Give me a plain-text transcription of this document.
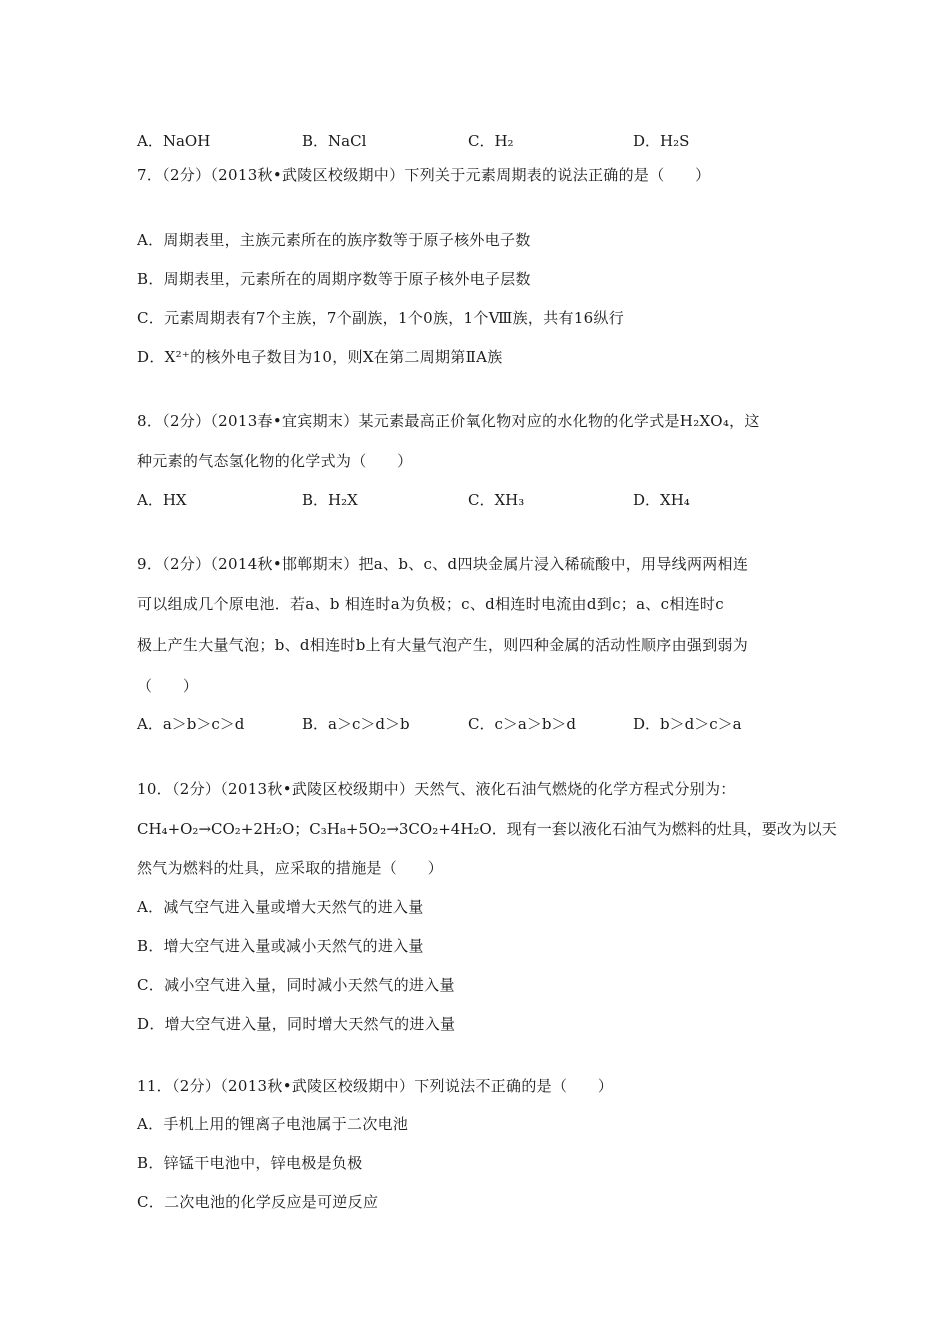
A．NaOH	B．NaCl	C．H₂	D．H₂S
7．（2分）（2013秋•武陵区校级期中）下列关于元素周期表的说法正确的是（　　）
A．周期表里，主族元素所在的族序数等于原子核外电子数
B．周期表里，元素所在的周期序数等于原子核外电子层数
C．元素周期表有7个主族，7个副族，1个0族，1个Ⅷ族，共有16纵行
D．X²⁺的核外电子数目为10，则X在第二周期第ⅡA族
8．（2分）（2013春•宜宾期末）某元素最高正价氧化物对应的水化物的化学式是H₂XO₄，这
种元素的气态氢化物的化学式为（　　）
A．HX	B．H₂X	C．XH₃	D．XH₄
9．（2分）（2014秋•邯郸期末）把a、b、c、d四块金属片浸入稀硫酸中，用导线两两相连
可以组成几个原电池．若a、b 相连时a为负极；c、d相连时电流由d到c；a、c相连时c
极上产生大量气泡；b、d相连时b上有大量气泡产生，则四种金属的活动性顺序由强到弱为
（　　）
A．a＞b＞c＞d	B．a＞c＞d＞b	C．c＞a＞b＞d	D．b＞d＞c＞a
10．（2分）（2013秋•武陵区校级期中）天然气、液化石油气燃烧的化学方程式分别为：
CH₄+O₂→CO₂+2H₂O；C₃H₈+5O₂→3CO₂+4H₂O．现有一套以液化石油气为燃料的灶具，要改为以天
然气为燃料的灶具，应采取的措施是（　　）
A．减气空气进入量或增大天然气的进入量
B．增大空气进入量或减小天然气的进入量
C．减小空气进入量，同时减小天然气的进入量
D．增大空气进入量，同时增大天然气的进入量
11．（2分）（2013秋•武陵区校级期中）下列说法不正确的是（　　）
A．手机上用的锂离子电池属于二次电池
B．锌锰干电池中，锌电极是负极
C．二次电池的化学反应是可逆反应
